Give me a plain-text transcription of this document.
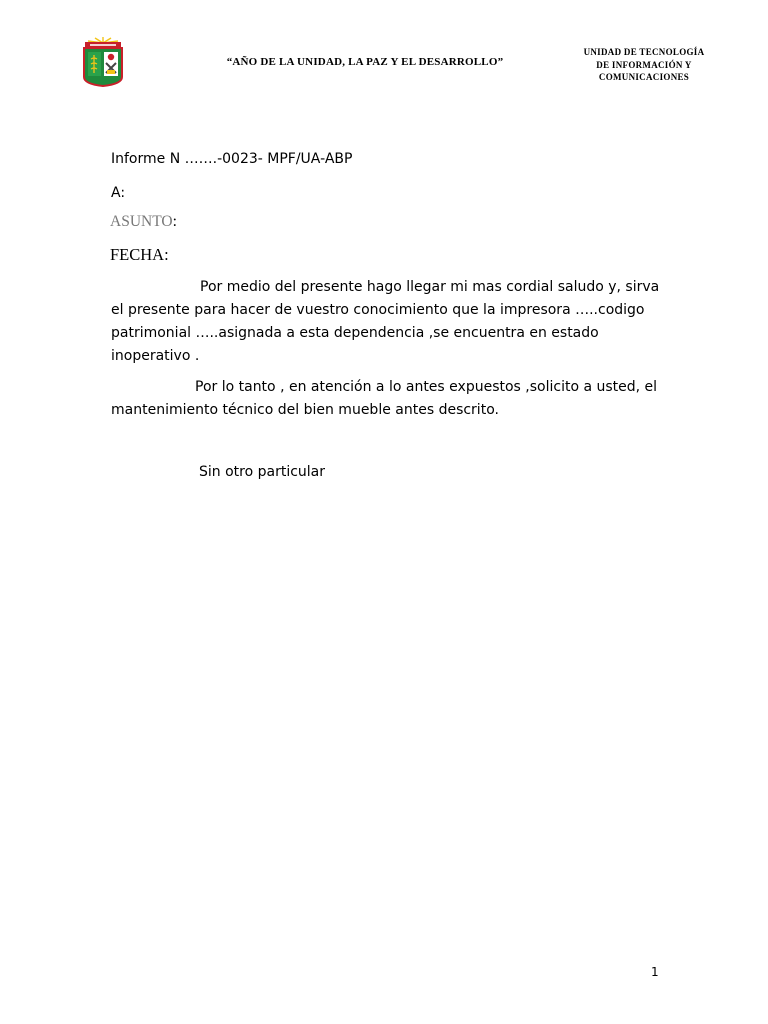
“AÑO DE LA UNIDAD, LA PAZ Y EL DESARROLLO”
UNIDAD DE TECNOLOGÍA
DE INFORMACIÓN Y
COMUNICACIONES
Informe N …….-0023- MPF/UA-ABP
A:
ASUNTO:
FECHA:
Por medio del presente hago llegar mi mas cordial saludo y, sirva el presente para hacer de vuestro conocimiento que la impresora …..codigo patrimonial …..asignada a esta dependencia ,se encuentra en estado inoperativo .
Por lo tanto , en atención a lo antes expuestos ,solicito a usted, el mantenimiento técnico del bien mueble antes descrito.
Sin otro particular
1
